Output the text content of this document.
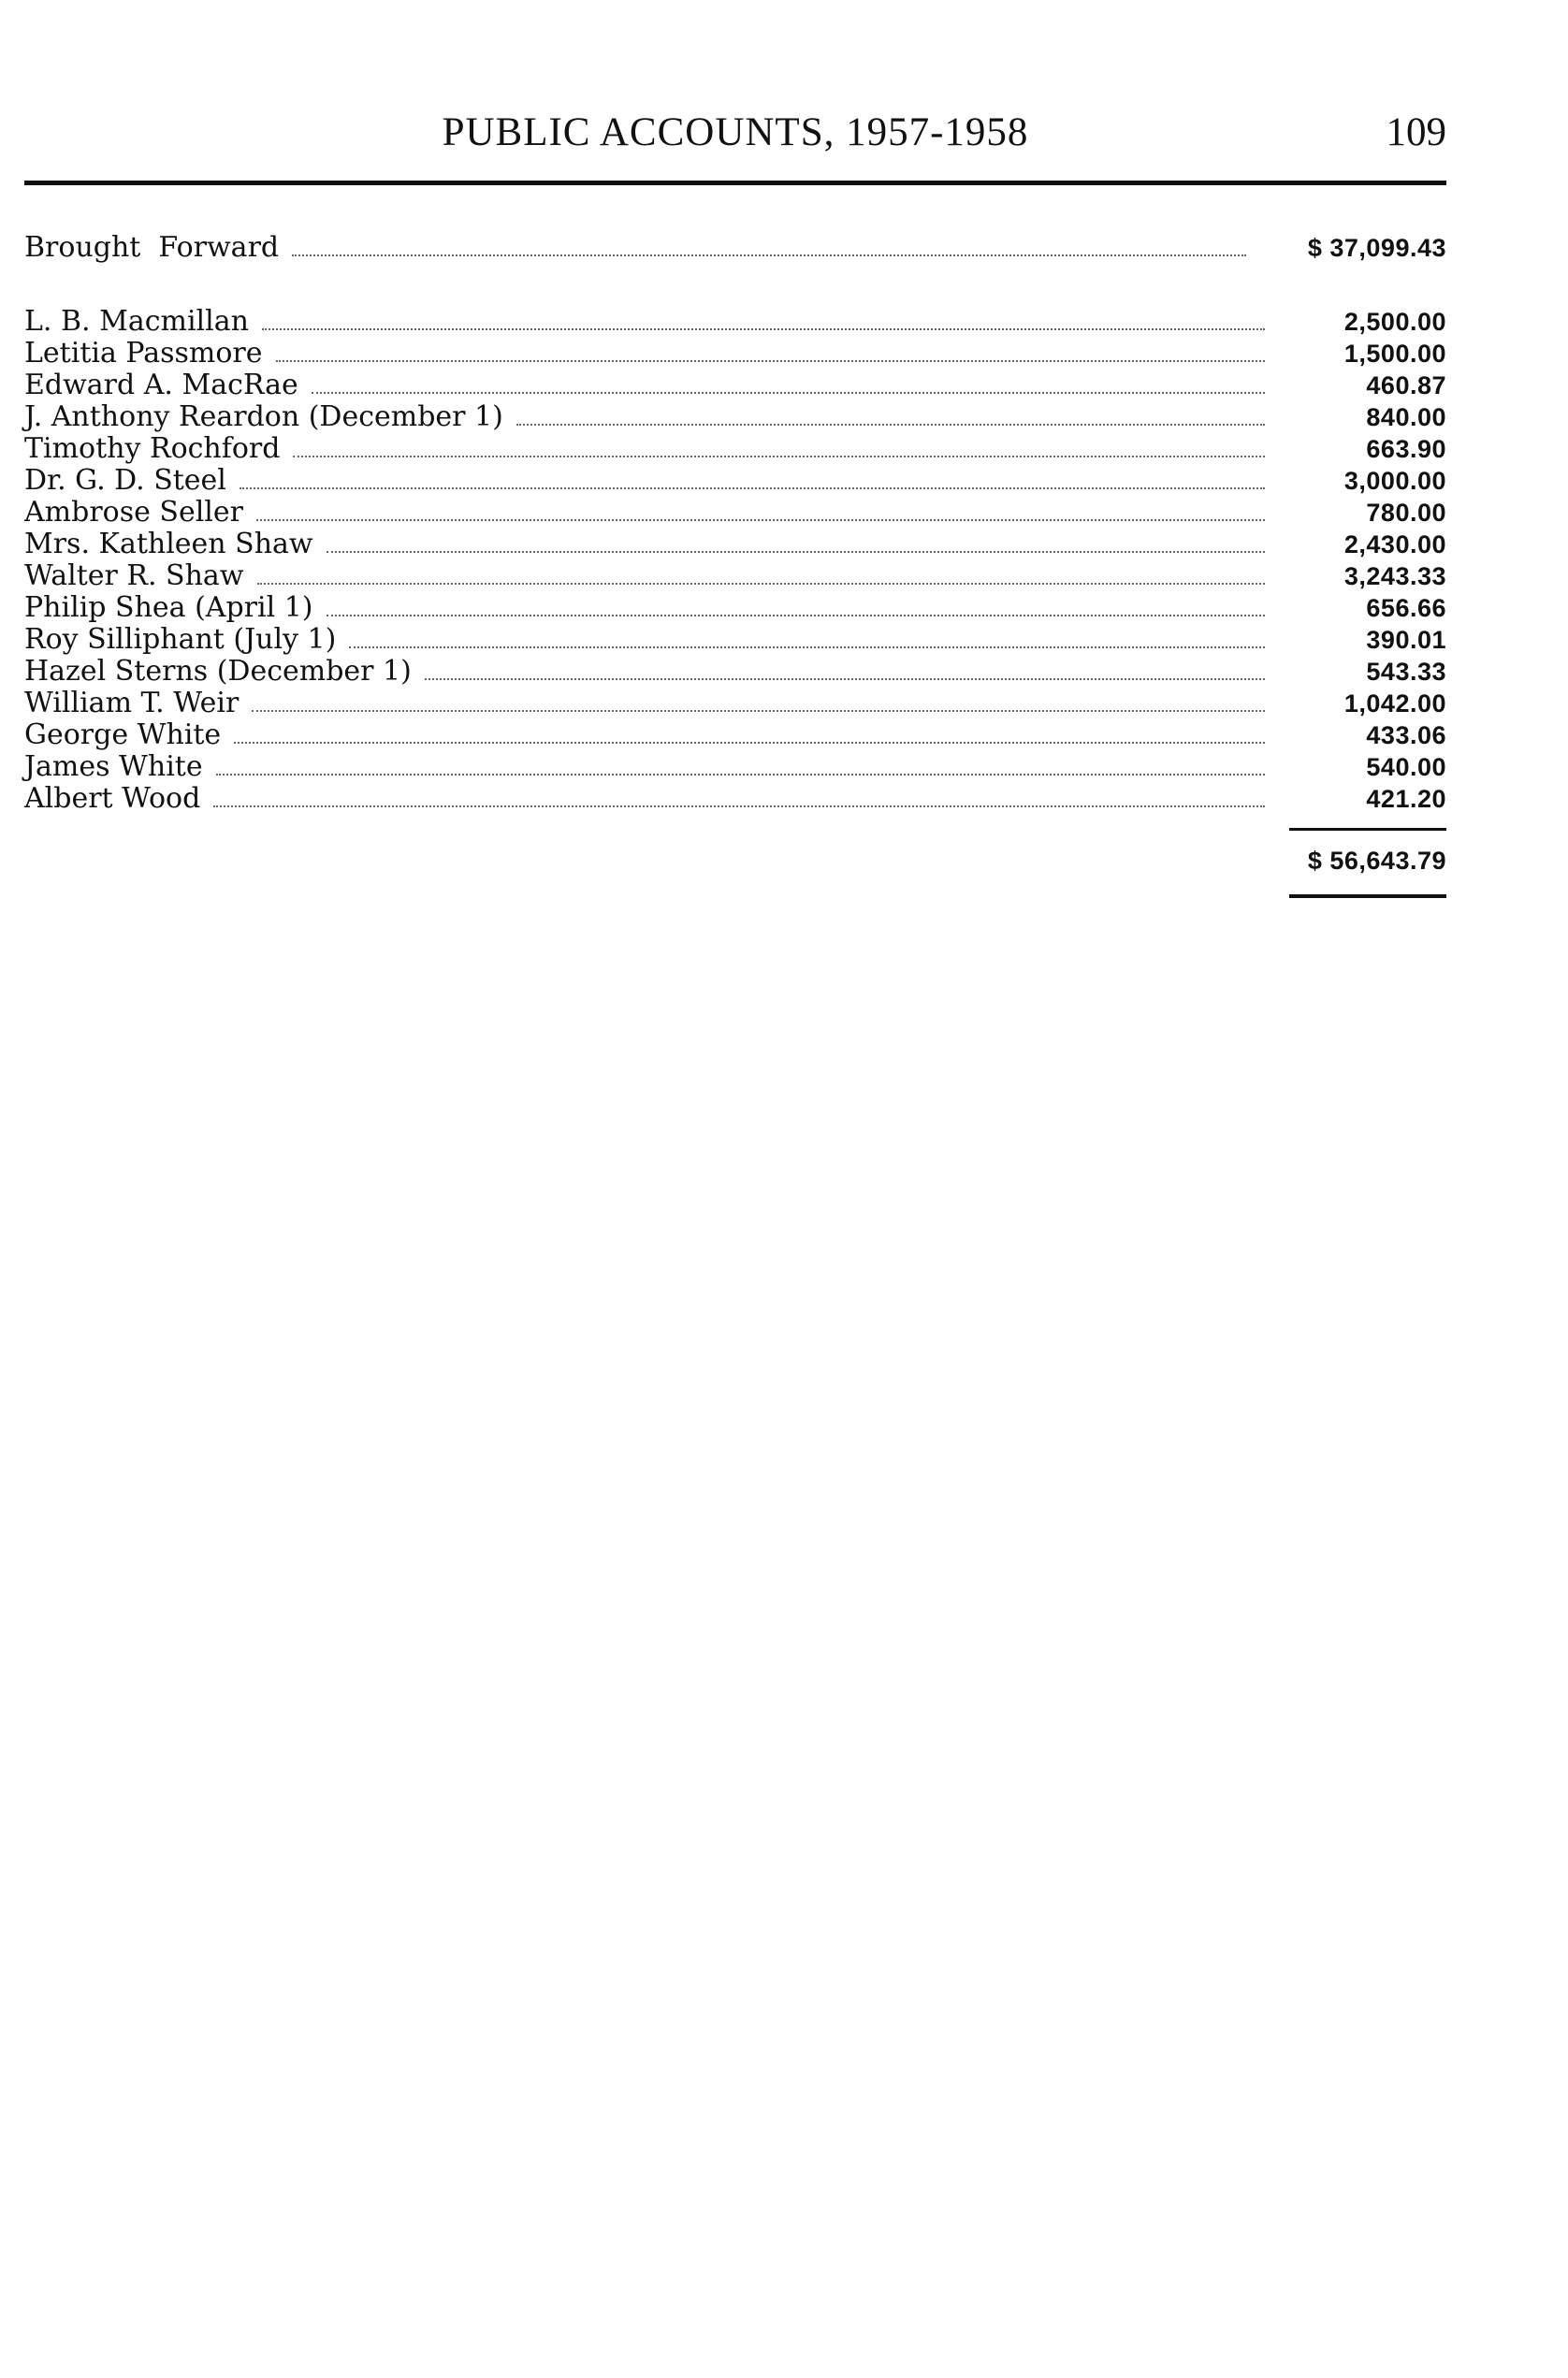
PUBLIC ACCOUNTS, 1957-1958	109
Brought  Forward	$ 37,099.43
L. B. Macmillan	2,500.00
Letitia Passmore	1,500.00
Edward A. MacRae	460.87
J. Anthony Reardon (December 1)	840.00
Timothy Rochford	663.90
Dr. G. D. Steel	3,000.00
Ambrose Seller	780.00
Mrs. Kathleen Shaw	2,430.00
Walter R. Shaw	3,243.33
Philip Shea (April 1)	656.66
Roy Silliphant (July 1)	390.01
Hazel Sterns (December 1)	543.33
William T. Weir	1,042.00
George White	433.06
James White	540.00
Albert Wood	421.20
$ 56,643.79
